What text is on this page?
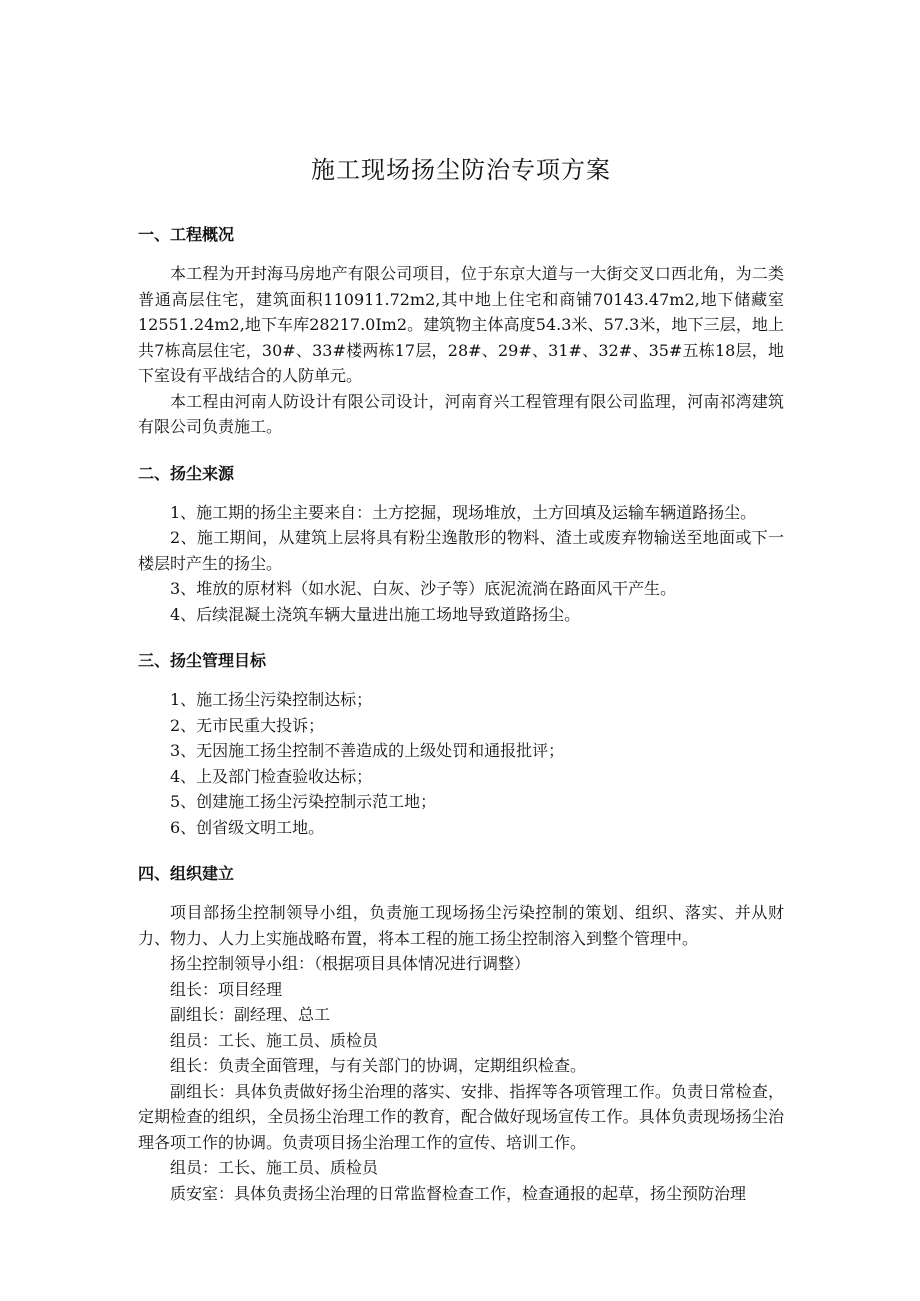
施工现场扬尘防治专项方案
一、工程概况

本工程为开封海马房地产有限公司项目，位于东京大道与一大街交叉口西北角，为二类普通高层住宅，建筑面积110911.72m2,其中地上住宅和商铺70143.47m2,地下储藏室12551.24m2,地下车库28217.0Im2。建筑物主体高度54.3米、57.3米，地下三层，地上共7栋高层住宅，30#、33#楼两栋17层，28#、29#、31#、32#、35#五栋18层，地下室设有平战结合的人防单元。

本工程由河南人防设计有限公司设计，河南育兴工程管理有限公司监理，河南祁湾建筑有限公司负责施工。

二、扬尘来源

1、施工期的扬尘主要来自：土方挖掘，现场堆放，土方回填及运输车辆道路扬尘。

2、施工期间，从建筑上层将具有粉尘逸散形的物料、渣土或废弃物输送至地面或下一楼层时产生的扬尘。

3、堆放的原材料（如水泥、白灰、沙子等）底泥流淌在路面风干产生。

4、后续混凝土浇筑车辆大量进出施工场地导致道路扬尘。

三、扬尘管理目标

1、施工扬尘污染控制达标；

2、无市民重大投诉；

3、无因施工扬尘控制不善造成的上级处罚和通报批评；

4、上及部门检查验收达标；

5、创建施工扬尘污染控制示范工地；

6、创省级文明工地。

四、组织建立

项目部扬尘控制领导小组，负责施工现场扬尘污染控制的策划、组织、落实、并从财力、物力、人力上实施战略布置，将本工程的施工扬尘控制溶入到整个管理中。

扬尘控制领导小组：（根据项目具体情况进行调整）

组长：项目经理

副组长：副经理、总工

组员：工长、施工员、质检员

组长：负责全面管理，与有关部门的协调，定期组织检查。

副组长：具体负责做好扬尘治理的落实、安排、指挥等各项管理工作。负责日常检查，定期检查的组织，全员扬尘治理工作的教育，配合做好现场宣传工作。具体负责现场扬尘治理各项工作的协调。负责项目扬尘治理工作的宣传、培训工作。

组员：工长、施工员、质检员

质安室：具体负责扬尘治理的日常监督检查工作，检查通报的起草，扬尘预防治理
